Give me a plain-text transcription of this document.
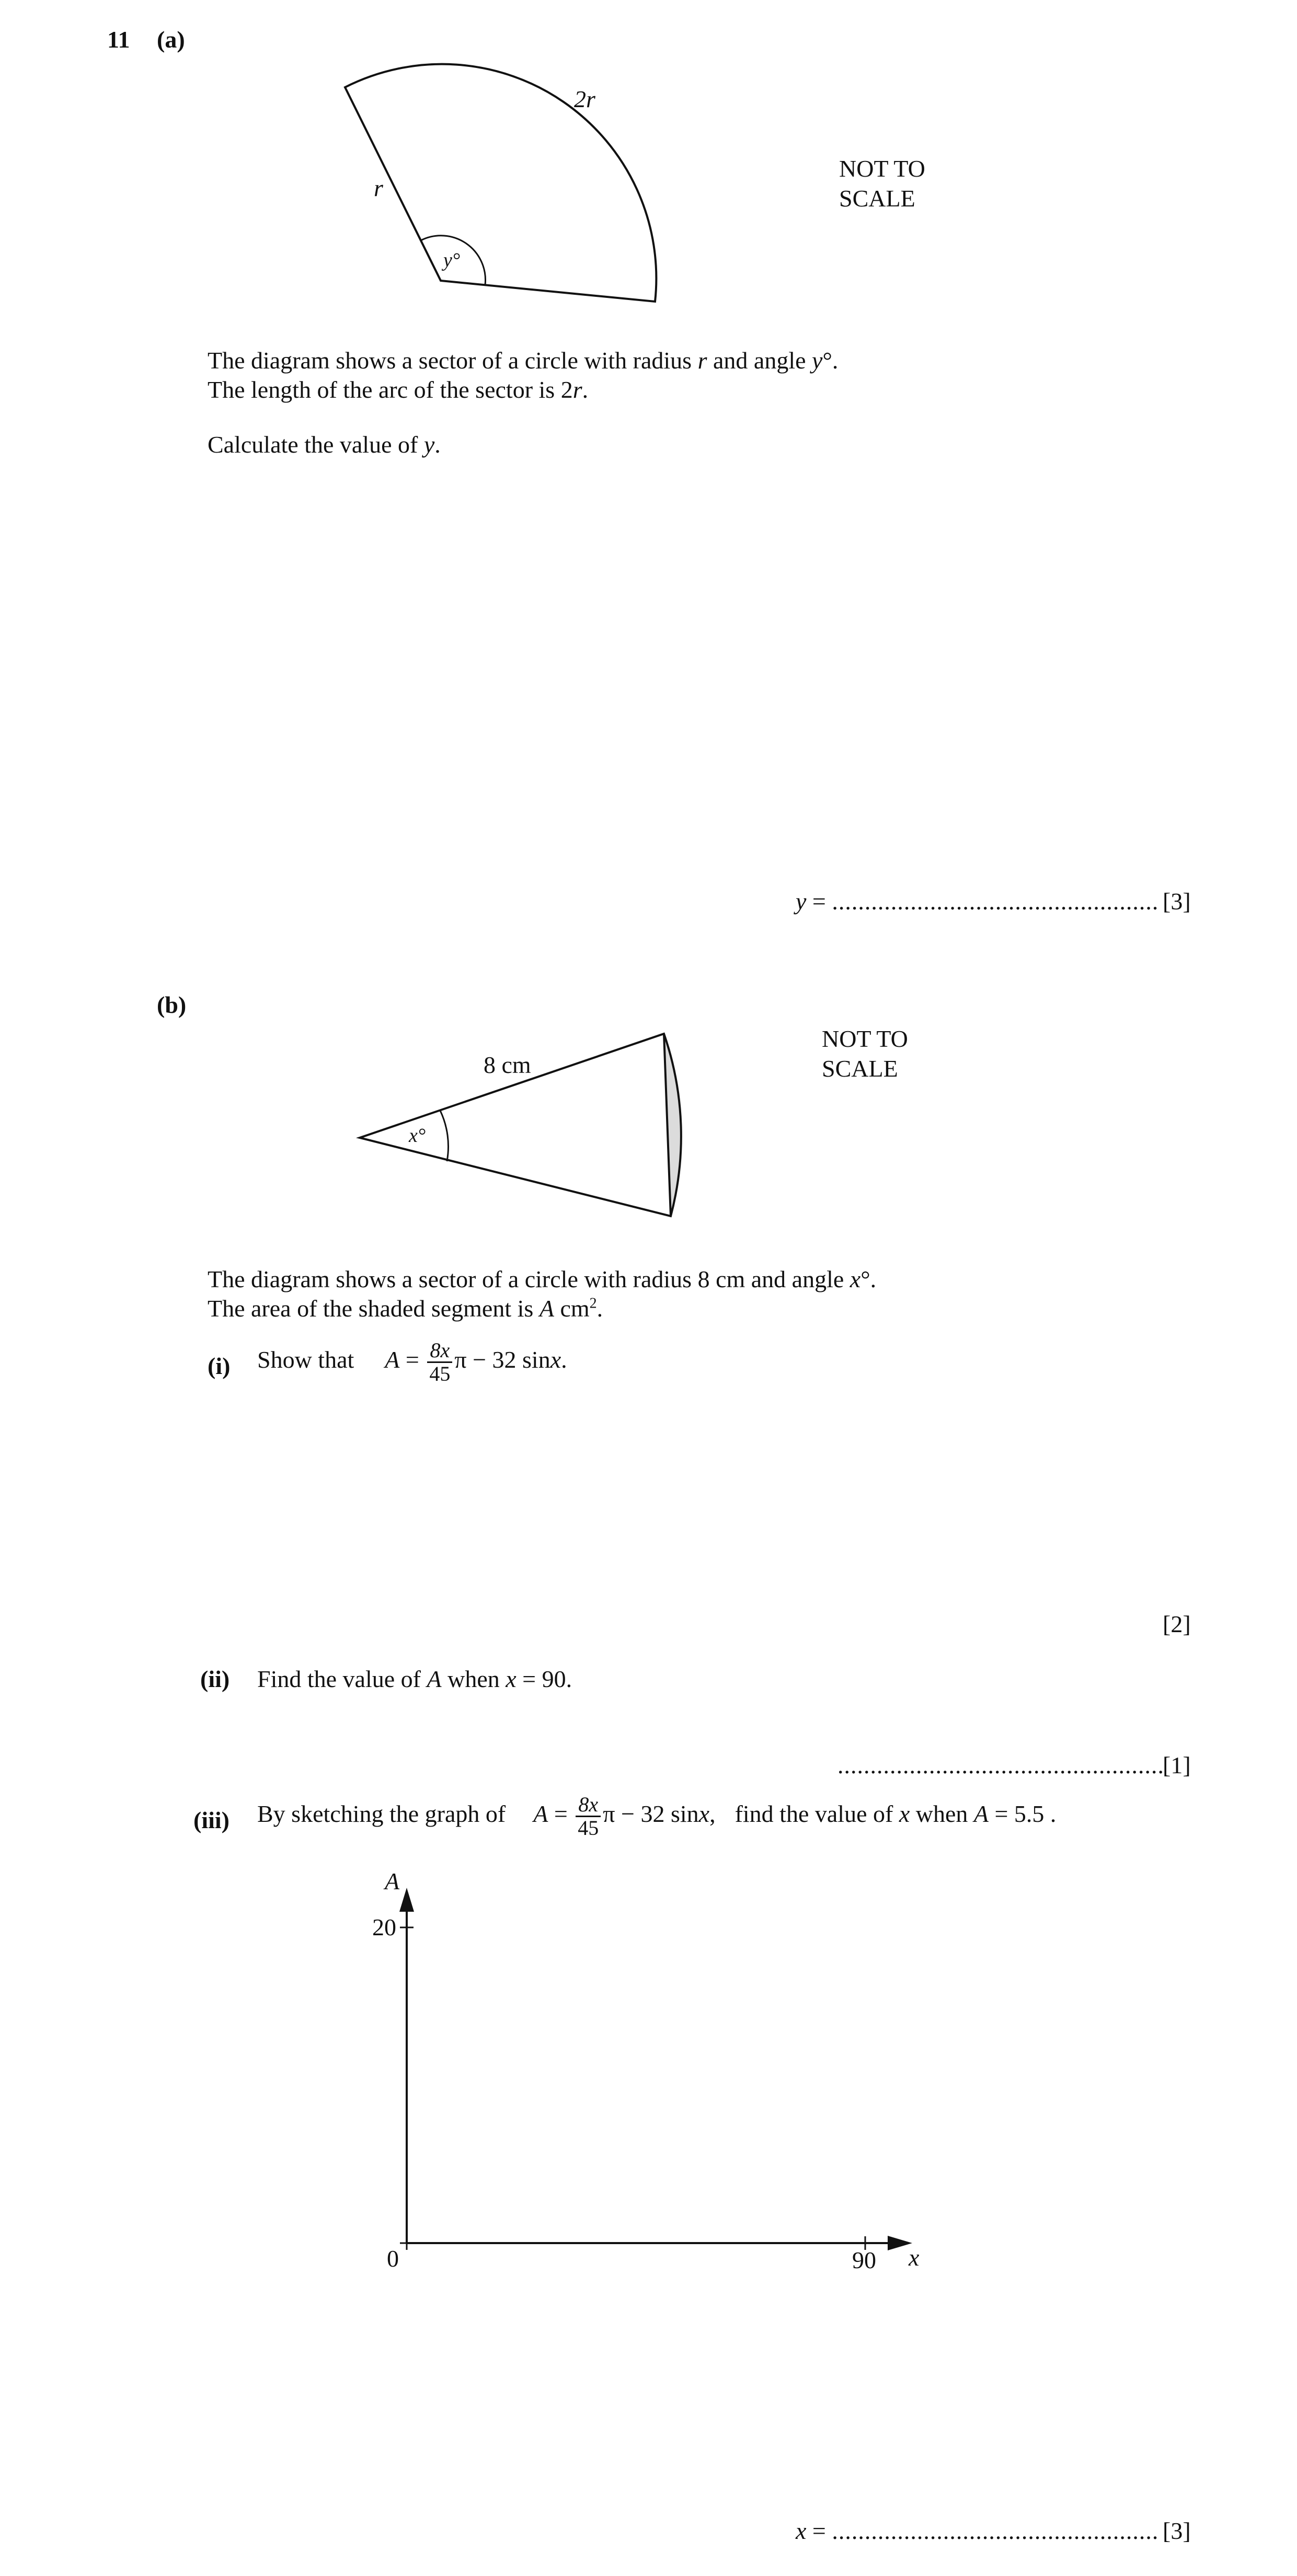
11 (a)
r
2r
y°
NOT TO
SCALE
The diagram shows a sector of a circle with radius r and angle y°.
The length of the arc of the sector is 2r.
Calculate the value of y.
y = .................................................. [3]
(b)
8 cm
x°
NOT TO
SCALE
The diagram shows a sector of a circle with radius 8 cm and angle x°.
The area of the shaded segment is A $cm^2$.
(i) Show that $A = \frac{8x}{45}$ π − 32 sinx.
[2]
(ii) Find the value of A when x = 90.
..................................................
[1]
(iii) By sketching the graph of $A = \frac{8x}{45}$ π − 32 sinx, find the value of x when A = 5.5 .
A
20
0	90 x
x = .................................................. [3]
